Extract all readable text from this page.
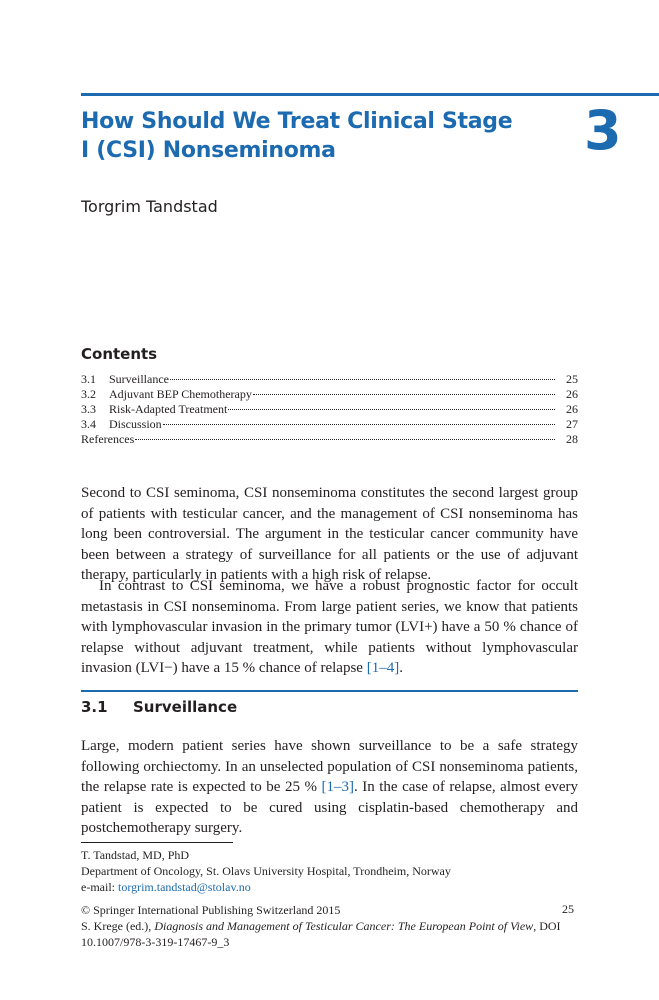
How Should We Treat Clinical Stage I (CSI) Nonseminoma	3
Torgrim Tandstad
Contents
3.1	Surveillance	25
3.2	Adjuvant BEP Chemotherapy	26
3.3	Risk-Adapted Treatment	26
3.4	Discussion	27
References	28

Second to CSI seminoma, CSI nonseminoma constitutes the second largest group of patients with testicular cancer, and the management of CSI nonseminoma has long been controversial. The argument in the testicular cancer community have been between a strategy of surveillance for all patients or the use of adjuvant therapy, particularly in patients with a high risk of relapse.

In contrast to CSI seminoma, we have a robust prognostic factor for occult metastasis in CSI nonseminoma. From large patient series, we know that patients with lymphovascular invasion in the primary tumor (LVI+) have a 50 % chance of relapse without adjuvant treatment, while patients without lymphovascular invasion (LVI−) have a 15 % chance of relapse [1–4].

3.1 Surveillance

Large, modern patient series have shown surveillance to be a safe strategy following orchiectomy. In an unselected population of CSI nonseminoma patients, the relapse rate is expected to be 25 % [1–3]. In the case of relapse, almost every patient is expected to be cured using cisplatin-based chemotherapy and postchemotherapy surgery.

T. Tandstad, MD, PhD
Department of Oncology, St. Olavs University Hospital, Trondheim, Norway
e-mail: torgrim.tandstad@stolav.no
© Springer International Publishing Switzerland 2015	25
S. Krege (ed.), Diagnosis and Management of Testicular Cancer: The European Point of View, DOI 10.1007/978-3-319-17467-9_3
